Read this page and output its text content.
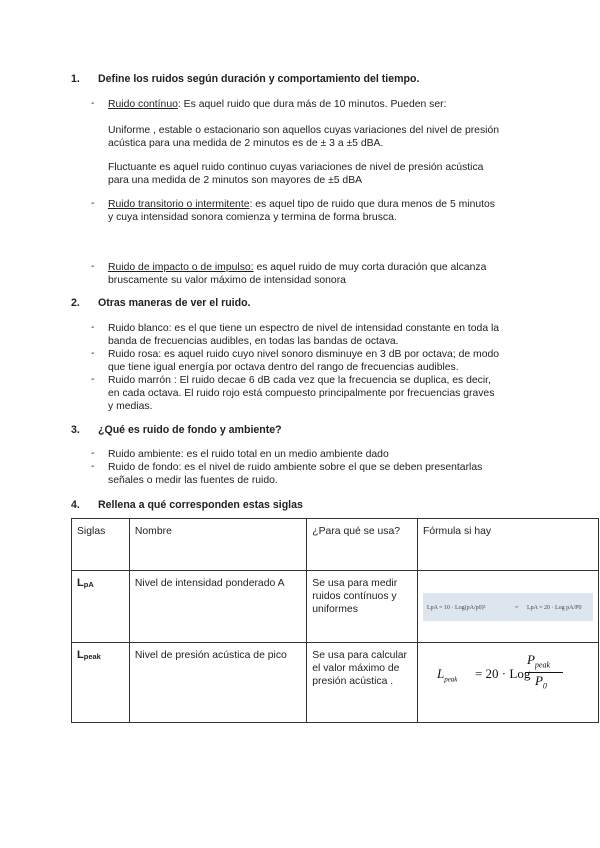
1. Define los ruidos según duración y comportamiento del tiempo.
- Ruido contínuo: Es aquel ruido que dura más de 10 minutos. Pueden ser:

Uniforme , estable o estacionario son aquellos cuyas variaciones del nivel de presión

acústica para una medida de 2 minutos es de ± 3 a ±5 dBA.

Fluctuante es aquel ruido continuo cuyas variaciones de nivel de presión acústica

para una medida de 2 minutos son mayores de ±5 dBA

- Ruido transitorio o intermitente: es aquel tipo de ruido que dura menos de 5 minutos

y cuya intensidad sonora comienza y termina de forma brusca.

- Ruido de impacto o de impulso: es aquel ruido de muy corta duración que alcanza

bruscamente su valor máximo de intensidad sonora

2. Otras maneras de ver el ruido.
- Ruido blanco: es el que tiene un espectro de nivel de intensidad constante en toda la

banda de frecuencias audibles, en todas las bandas de octava.

- Ruido rosa: es aquel ruido cuyo nivel sonoro disminuye en 3 dB por octava; de modo

que tiene igual energía por octava dentro del rango de frecuencias audibles.

- Ruido marrón : El ruido decae 6 dB cada vez que la frecuencia se duplica, es decir,

en cada octava. El ruido rojo está compuesto principalmente por frecuencias graves

y medias.

3. ¿Qué es ruido de fondo y ambiente?
- Ruido ambiente: es el ruido total en un medio ambiente dado

- Ruido de fondo: es el nivel de ruido ambiente sobre el que se deben presentarlas

señales o medir las fuentes de ruido.

4. Rellena a qué corresponden estas siglas
Siglas	Nombre	¿Para qué se usa?	Fórmula si hay
$L_{pA}$	Nivel de intensidad ponderado A	Se usa para medir ruidos contínuos y uniformes	LpA = 10 · Log(pA/p0)² = LpA = 20 · Log pA/P0

$L_{peak}$	Nivel de presión acústica de pico	Se usa para calcular el valor máximo de presión acústica .	$L_{peak} = 20$ · Log
$P_{peak}$
$P_0$
